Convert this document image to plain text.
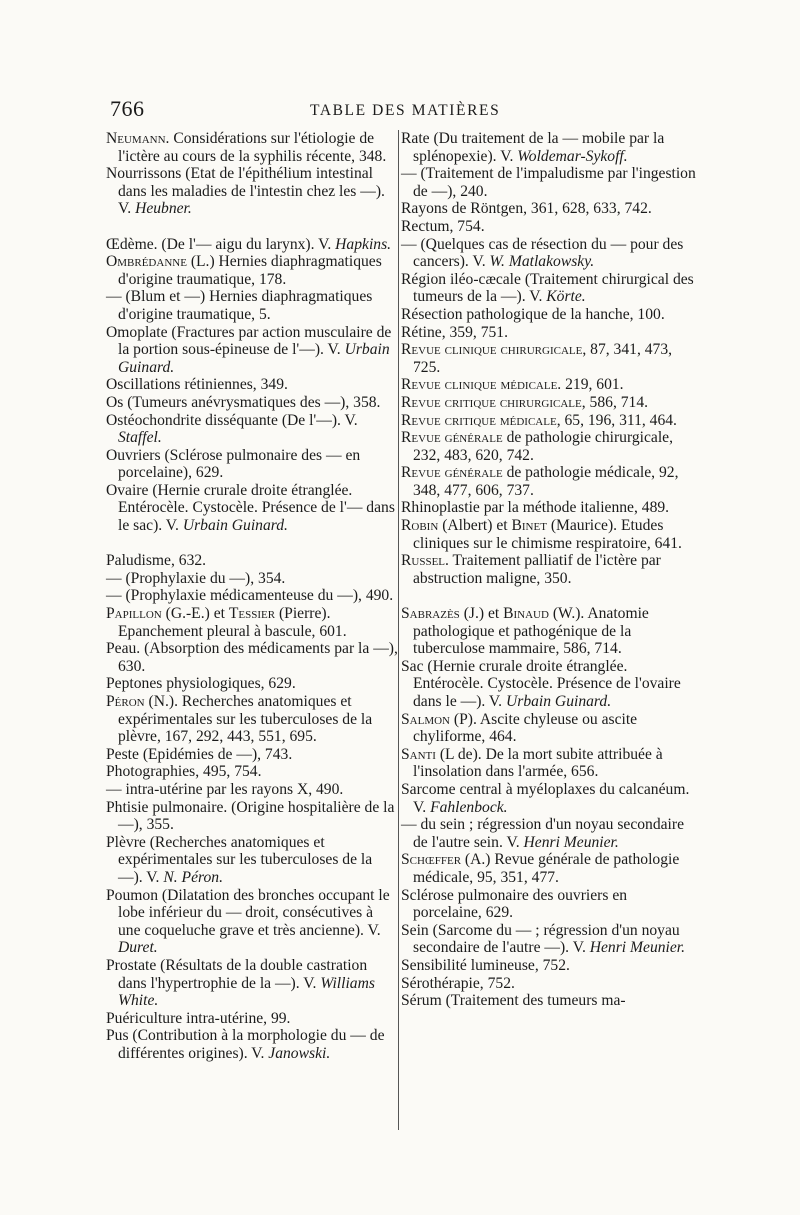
766	TABLE DES MATIÈRES

Neumann. Considérations sur l'étiologie de l'ictère au cours de la syphilis récente, 348.

Nourrissons (Etat de l'épithélium intestinal dans les maladies de l'intestin chez les —). V. Heubner.

Œdème. (De l'— aigu du larynx). V. Hapkins.

Ombrédanne (L.) Hernies diaphragmatiques d'origine traumatique, 178.

— (Blum et —) Hernies diaphragmatiques d'origine traumatique, 5.

Omoplate (Fractures par action musculaire de la portion sous-épineuse de l'—). V. Urbain Guinard.

Oscillations rétiniennes, 349.

Os (Tumeurs anévrysmatiques des —), 358.

Ostéochondrite disséquante (De l'—). V. Staffel.

Ouvriers (Sclérose pulmonaire des — en porcelaine), 629.

Ovaire (Hernie crurale droite étranglée. Entérocèle. Cystocèle. Présence de l'— dans le sac). V. Urbain Guinard.

Paludisme, 632.

— (Prophylaxie du —), 354.

— (Prophylaxie médicamenteuse du —), 490.

Papillon (G.-E.) et Tessier (Pierre). Epanchement pleural à bascule, 601.

Peau. (Absorption des médicaments par la —), 630.

Peptones physiologiques, 629.

Péron (N.). Recherches anatomiques et expérimentales sur les tuberculoses de la plèvre, 167, 292, 443, 551, 695.

Peste (Epidémies de —), 743.

Photographies, 495, 754.

— intra-utérine par les rayons X, 490.

Phtisie pulmonaire. (Origine hospitalière de la —), 355.

Plèvre (Recherches anatomiques et expérimentales sur les tuberculoses de la —). V. N. Péron.

Poumon (Dilatation des bronches occupant le lobe inférieur du — droit, consécutives à une coqueluche grave et très ancienne). V. Duret.

Prostate (Résultats de la double castration dans l'hypertrophie de la —). V. Williams White.

Puériculture intra-utérine, 99.

Pus (Contribution à la morphologie du — de différentes origines). V. Janowski.

Rate (Du traitement de la — mobile par la splénopexie). V. Woldemar-Sykoff.

— (Traitement de l'impaludisme par l'ingestion de —), 240.

Rayons de Röntgen, 361, 628, 633, 742.

Rectum, 754.

— (Quelques cas de résection du — pour des cancers). V. W. Matlakowsky.

Région iléo-cæcale (Traitement chirurgical des tumeurs de la —). V. Körte.

Résection pathologique de la hanche, 100.

Rétine, 359, 751.

Revue clinique chirurgicale, 87, 341, 473, 725.

Revue clinique médicale. 219, 601.

Revue critique chirurgicale, 586, 714.

Revue critique médicale, 65, 196, 311, 464.

Revue générale de pathologie chirurgicale, 232, 483, 620, 742.

Revue générale de pathologie médicale, 92, 348, 477, 606, 737.

Rhinoplastie par la méthode italienne, 489.

Robin (Albert) et Binet (Maurice). Etudes cliniques sur le chimisme respiratoire, 641.

Russel. Traitement palliatif de l'ictère par abstruction maligne, 350.

Sabrazès (J.) et Binaud (W.). Anatomie pathologique et pathogénique de la tuberculose mammaire, 586, 714.

Sac (Hernie crurale droite étranglée. Entérocèle. Cystocèle. Présence de l'ovaire dans le —). V. Urbain Guinard.

Salmon (P). Ascite chyleuse ou ascite chyliforme, 464.

Santi (L de). De la mort subite attribuée à l'insolation dans l'armée, 656.

Sarcome central à myéloplaxes du calcanéum. V. Fahlenbock.

— du sein ; régression d'un noyau secondaire de l'autre sein. V. Henri Meunier.

Schœffer (A.) Revue générale de pathologie médicale, 95, 351, 477.

Sclérose pulmonaire des ouvriers en porcelaine, 629.

Sein (Sarcome du — ; régression d'un noyau secondaire de l'autre —). V. Henri Meunier.

Sensibilité lumineuse, 752.

Sérothérapie, 752.

Sérum (Traitement des tumeurs ma-
